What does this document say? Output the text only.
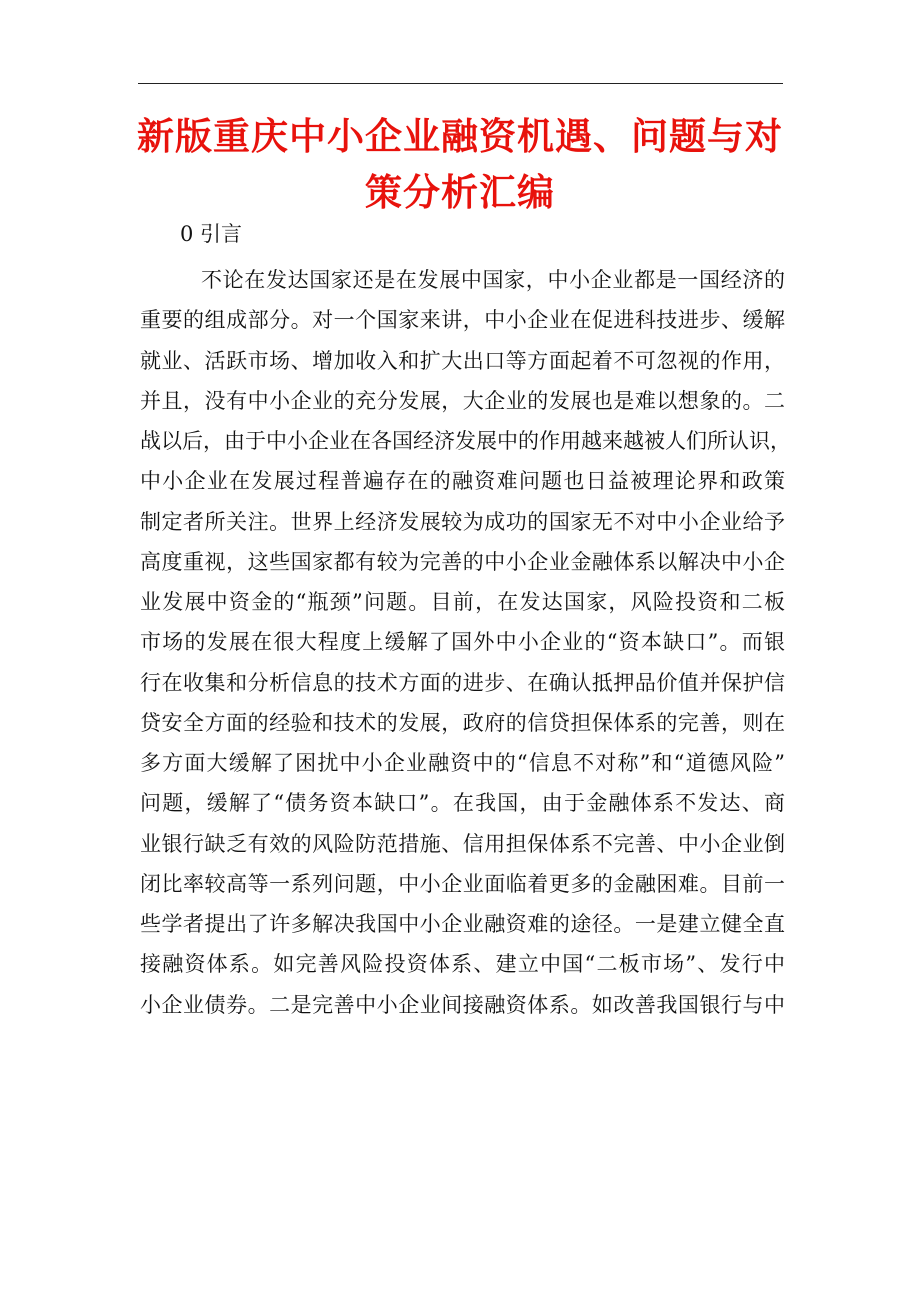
新版重庆中小企业融资机遇、问题与对策分析汇编
0 引言
不论在发达国家还是在发展中国家，中小企业都是一国经济的
重要的组成部分。对一个国家来讲，中小企业在促进科技进步、缓解
就业、活跃市场、增加收入和扩大出口等方面起着不可忽视的作用，
并且，没有中小企业的充分发展，大企业的发展也是难以想象的。二
战以后，由于中小企业在各国经济发展中的作用越来越被人们所认识，
中小企业在发展过程普遍存在的融资难问题也日益被理论界和政策
制定者所关注。世界上经济发展较为成功的国家无不对中小企业给予
高度重视，这些国家都有较为完善的中小企业金融体系以解决中小企
业发展中资金的“瓶颈”问题。目前，在发达国家，风险投资和二板
市场的发展在很大程度上缓解了国外中小企业的“资本缺口”。而银
行在收集和分析信息的技术方面的进步、在确认抵押品价值并保护信
贷安全方面的经验和技术的发展，政府的信贷担保体系的完善，则在
多方面大缓解了困扰中小企业融资中的“信息不对称”和“道德风险”
问题，缓解了“债务资本缺口”。在我国，由于金融体系不发达、商
业银行缺乏有效的风险防范措施、信用担保体系不完善、中小企业倒
闭比率较高等一系列问题，中小企业面临着更多的金融困难。目前一
些学者提出了许多解决我国中小企业融资难的途径。一是建立健全直
接融资体系。如完善风险投资体系、建立中国“二板市场”、发行中
小企业债券。二是完善中小企业间接融资体系。如改善我国银行与中
